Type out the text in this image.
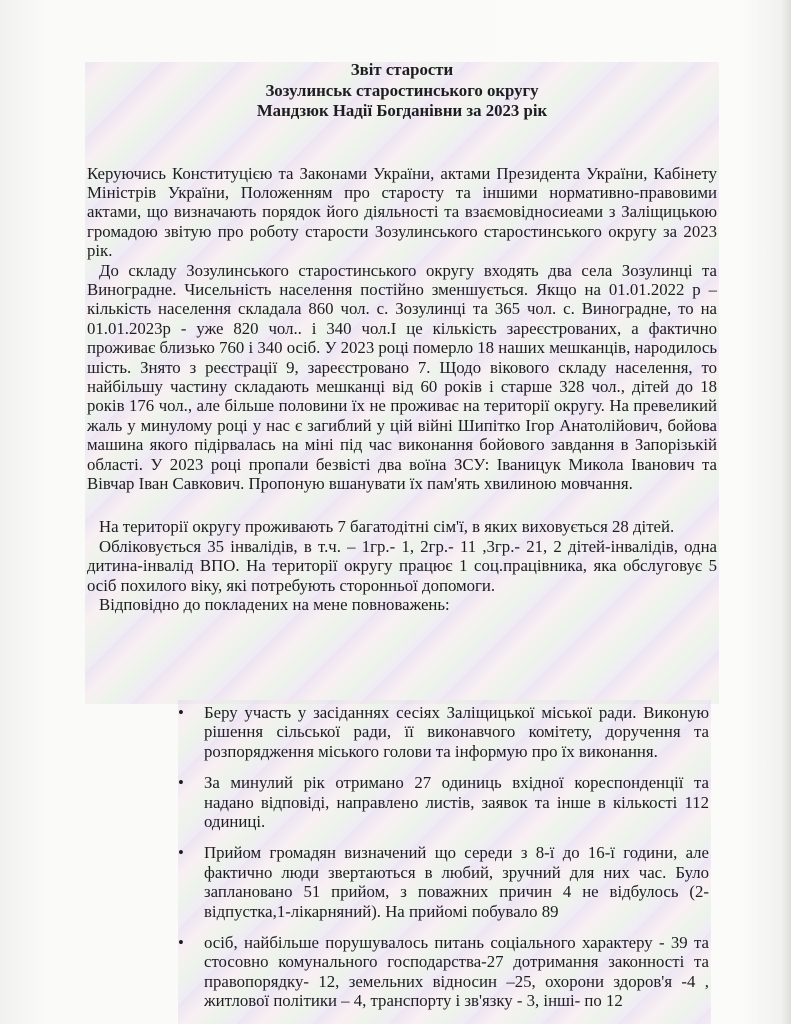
Звіт старости
Зозулинськ старостинського округу
Мандзюк Надії Богданівни за 2023 рік

Керуючись Конституцією та Законами України, актами Президента України, Кабінету Міністрів України, Положенням про старосту та іншими нормативно-правовими актами, що визначають порядок його діяльності та взаємовідносиеами з Заліщицькою громадою звітую про роботу старости Зозулинського старостинського округу за 2023 рік.

До складу Зозулинського старостинського округу входять два села Зозулинці та Виноградне. Чисельність населення постійно зменшується. Якщо на 01.01.2022 р – кількість населення складала 860 чол. с. Зозулинці та 365 чол. с. Виноградне, то на 01.01.2023р - уже 820 чол.. і 340 чол.І це кількість зареєстрованих, а фактично проживає близько 760 і 340 осіб. У 2023 році померло 18 наших мешканців, народилось шість. Знято з реєстрації 9, зареєстровано 7. Щодо вікового складу населення, то найбільшу частину складають мешканці від 60 років і старше 328 чол., дітей до 18 років 176 чол., але більше половини їх не проживає на території округу. На превеликий жаль у минулому році у нас є загиблий у цій війні Шипітко Ігор Анатолійович, бойова машина якого підірвалась на міні під час виконання бойового завдання в Запорізькій області. У 2023 році пропали безвісті два воїна ЗСУ: Іваницук Микола Іванович та Вівчар Іван Савкович. Пропоную вшанувати їх пам'ять хвилиною мовчання.

На території округу проживають 7 багатодітні сім'ї, в яких виховується 28 дітей.

Обліковується 35 інвалідів, в т.ч. – 1гр.- 1, 2гр.- 11 ,3гр.- 21, 2 дітей-інвалідів, одна дитина-інвалід ВПО. На території округу працює 1 соц.працівника, яка обслуговує 5 осіб похилого віку, які потребують сторонньої допомоги.

Відповідно до покладених на мене повноважень:

•	Беру участь у засіданнях сесіях Заліщицької міської ради. Виконую рішення сільської ради, її виконавчого комітету, доручення та розпорядження міського голови та інформую про їх виконання.
•	За минулий рік отримано 27 одиниць вхідної кореспонденції та надано відповіді, направлено листів, заявок та інше в кількості 112 одиниці.
•	Прийом громадян визначений що середи з 8-ї до 16-ї години, але фактично люди звертаються в любий, зручний для них час. Було заплановано 51 прийом, з поважних причин 4 не відбулось (2-відпустка,1-лікарняний). На прийомі побувало 89
•	осіб, найбільше порушувалось питань соціального характеру - 39 та стосовно комунального господарства-27 дотримання законності та правопорядку- 12, земельних відносин –25, охорони здоров'я -4 , житлової політики – 4, транспорту і зв'язку - 3, інші- по 12
